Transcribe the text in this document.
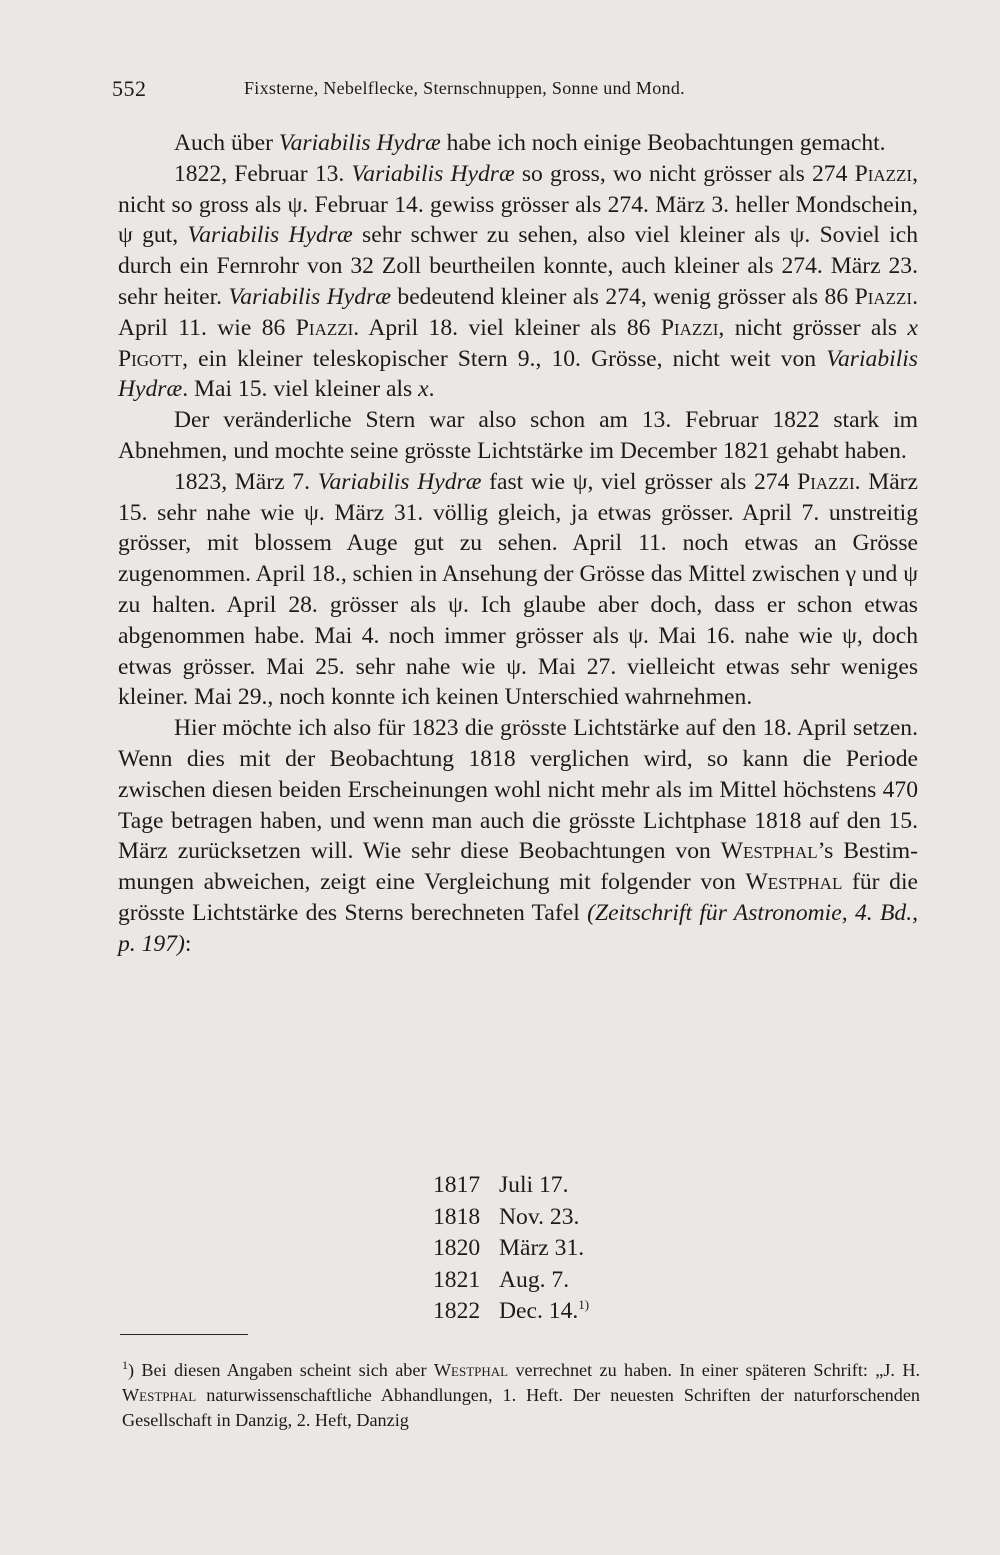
552	Fixsterne, Nebelflecke, Sternschnuppen, Sonne und Mond.

Auch über Variabilis Hydræ habe ich noch einige Beobachtungen gemacht.

1822, Februar 13. Variabilis Hydræ so gross, wo nicht grösser als 274 Piazzi, nicht so gross als ψ. Februar 14. gewiss grösser als 274. März 3. heller Mondschein, ψ gut, Variabilis Hydræ sehr schwer zu sehen, also viel kleiner als ψ. Soviel ich durch ein Fernrohr von 32 Zoll beurtheilen konnte, auch kleiner als 274. März 23. sehr heiter. Variabilis Hydræ bedeutend kleiner als 274, wenig grösser als 86 Piazzi. April 11. wie 86 Piazzi. April 18. viel kleiner als 86 Piazzi, nicht grösser als x Pigott, ein kleiner teleskopischer Stern 9., 10. Grösse, nicht weit von Variabilis Hydræ. Mai 15. viel kleiner als x.

Der veränderliche Stern war also schon am 13. Februar 1822 stark im Abnehmen, und mochte seine grösste Lichtstärke im December 1821 gehabt haben.

1823, März 7. Variabilis Hydræ fast wie ψ, viel grösser als 274 Piazzi. März 15. sehr nahe wie ψ. März 31. völlig gleich, ja etwas grösser. April 7. unstreitig grösser, mit blossem Auge gut zu sehen. April 11. noch etwas an Grösse zugenommen. April 18., schien in Ansehung der Grösse das Mittel zwischen γ und ψ zu halten. April 28. grösser als ψ. Ich glaube aber doch, dass er schon etwas abgenommen habe. Mai 4. noch immer grösser als ψ. Mai 16. nahe wie ψ, doch etwas grösser. Mai 25. sehr nahe wie ψ. Mai 27. vielleicht etwas sehr weniges kleiner. Mai 29., noch konnte ich keinen Unterschied wahrnehmen.

Hier möchte ich also für 1823 die grösste Lichtstärke auf den 18. April setzen. Wenn dies mit der Beobachtung 1818 verglichen wird, so kann die Periode zwischen diesen beiden Erscheinungen wohl nicht mehr als im Mittel höchstens 470 Tage betragen haben, und wenn man auch die grösste Lichtphase 1818 auf den 15. März zurücksetzen will. Wie sehr diese Beobachtungen von Westphal’s Bestimmungen abweichen, zeigt eine Vergleichung mit folgender von Westphal für die grösste Lichtstärke des Sterns berechneten Tafel (Zeitschrift für Astronomie, 4. Bd., p. 197):

1817 Juli 17.
1818 Nov. 23.
1820 März 31.
1821 Aug. 7.
1822 Dec. 14.$^{1)}$
$^1$) Bei diesen Angaben scheint sich aber Westphal verrechnet zu haben. In einer späteren Schrift: „J. H. Westphal naturwissenschaftliche Abhandlungen, 1. Heft. Der neuesten Schriften der naturforschenden Gesellschaft in Danzig, 2. Heft, Danzig
